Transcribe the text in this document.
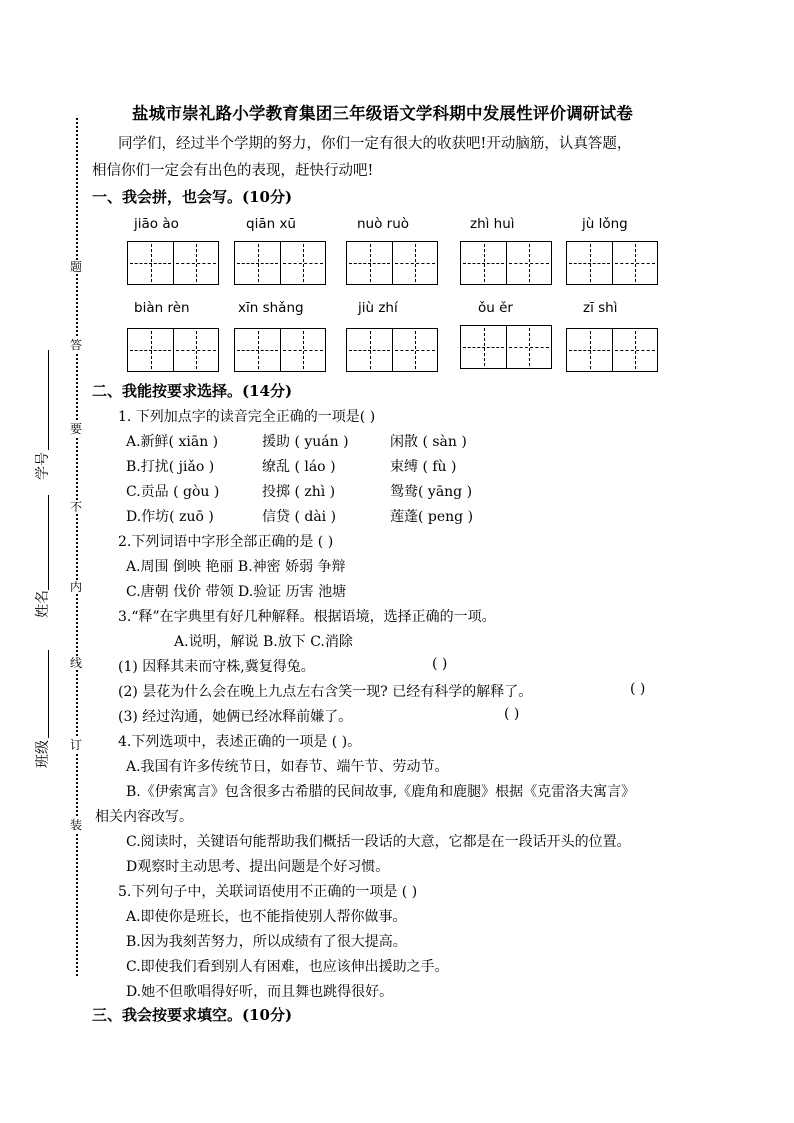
盐城市崇礼路小学教育集团三年级语文学科期中发展性评价调研试卷
同学们，经过半个学期的努力，你们一定有很大的收获吧!开动脑筋，认真答题，
相信你们一定会有出色的表现，赶快行动吧!
题
答
要
不
内
线
订
装
学号
姓名
班级
一、我会拼，也会写。(10分)
jiāo ào	qiān xū	nuò ruò	zhì huì	jù lǒng
biàn rèn	xīn shǎng	jiù zhí	ǒu ěr	zī shì
二、我能按要求选择。(14分)
1. 下列加点字的读音完全正确的一项是( )
A.新鲜( xiān )	援助 ( yuán )	闲散 ( sàn )
B.打扰( jiǎo )	缭乱 ( láo )	束缚 ( fù )
C.贡品 ( gòu )	投掷 ( zhì )	鸳鸯( yāng )
D.作坊( zuō )	信贷 ( dài )	莲蓬( peng )
2.下列词语中字形全部正确的是 ( )
A.周围 倒映 艳丽 B.神密 娇弱 争辩
C.唐朝 伐价 带领 D.验证 历害 池塘
3.“释”在字典里有好几种解释。根据语境，选择正确的一项。
A.说明，解说 B.放下 C.消除
(1) 因释其耒而守株,冀复得兔。	( )
(2) 昙花为什么会在晚上九点左右含笑一现? 已经有科学的解释了。	( )
(3) 经过沟通，她俩已经冰释前嫌了。	( )
4.下列选项中，表述正确的一项是 ( )。
A.我国有许多传统节日，如春节、端午节、劳动节。
B.《伊索寓言》包含很多古希腊的民间故事,《鹿角和鹿腿》根据《克雷洛夫寓言》
相关内容改写。
C.阅读时，关键语句能帮助我们概括一段话的大意，它都是在一段话开头的位置。
D观察时主动思考、提出问题是个好习惯。
5.下列句子中，关联词语使用不正确的一项是 ( )
A.即使你是班长，也不能指使别人帮你做事。
B.因为我刻苦努力，所以成绩有了很大提高。
C.即使我们看到别人有困难，也应该伸出援助之手。
D.她不但歌唱得好听，而且舞也跳得很好。
三、我会按要求填空。(10分)
